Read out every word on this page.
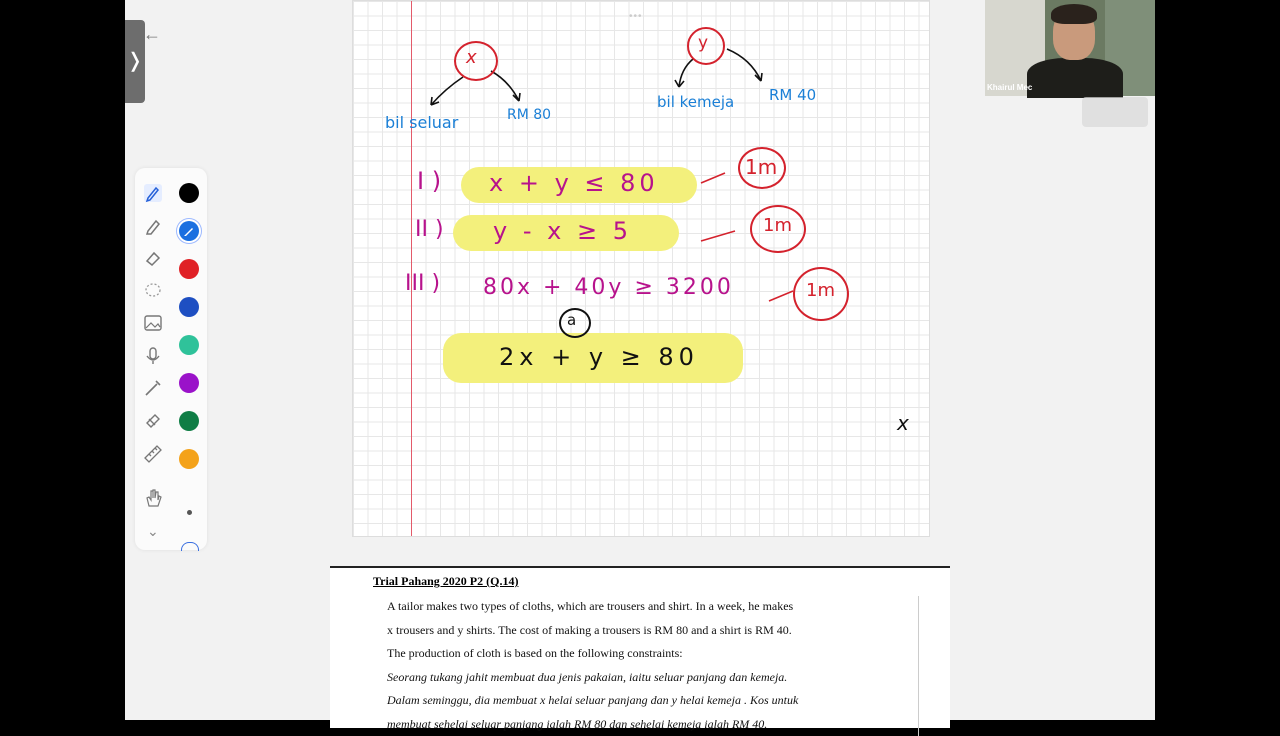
❭
←
⌄
•••
x
bil seluar	RM 80
y
bil kemeja RM 40
I ) x + y ≤ 80
1m
II ) y - x ≥ 5	1m
III ) 80x + 40y ≥ 3200	1m
a
2x + y ≥ 80
x
Trial Pahang 2020 P2 (Q.14)
A tailor makes two types of cloths, which are trousers and shirt. In a week, he makes
x trousers and y shirts. The cost of making a trousers is RM 80 and a shirt is RM 40.
The production of cloth is based on the following constraints:
Seorang tukang jahit membuat dua jenis pakaian, iaitu seluar panjang dan kemeja.
Dalam seminggu, dia membuat x helai seluar panjang dan y helai kemeja . Kos untuk
membuat sehelai seluar panjang ialah RM 80 dan sehelai kemeja ialah RM 40.
Khairul Mec
